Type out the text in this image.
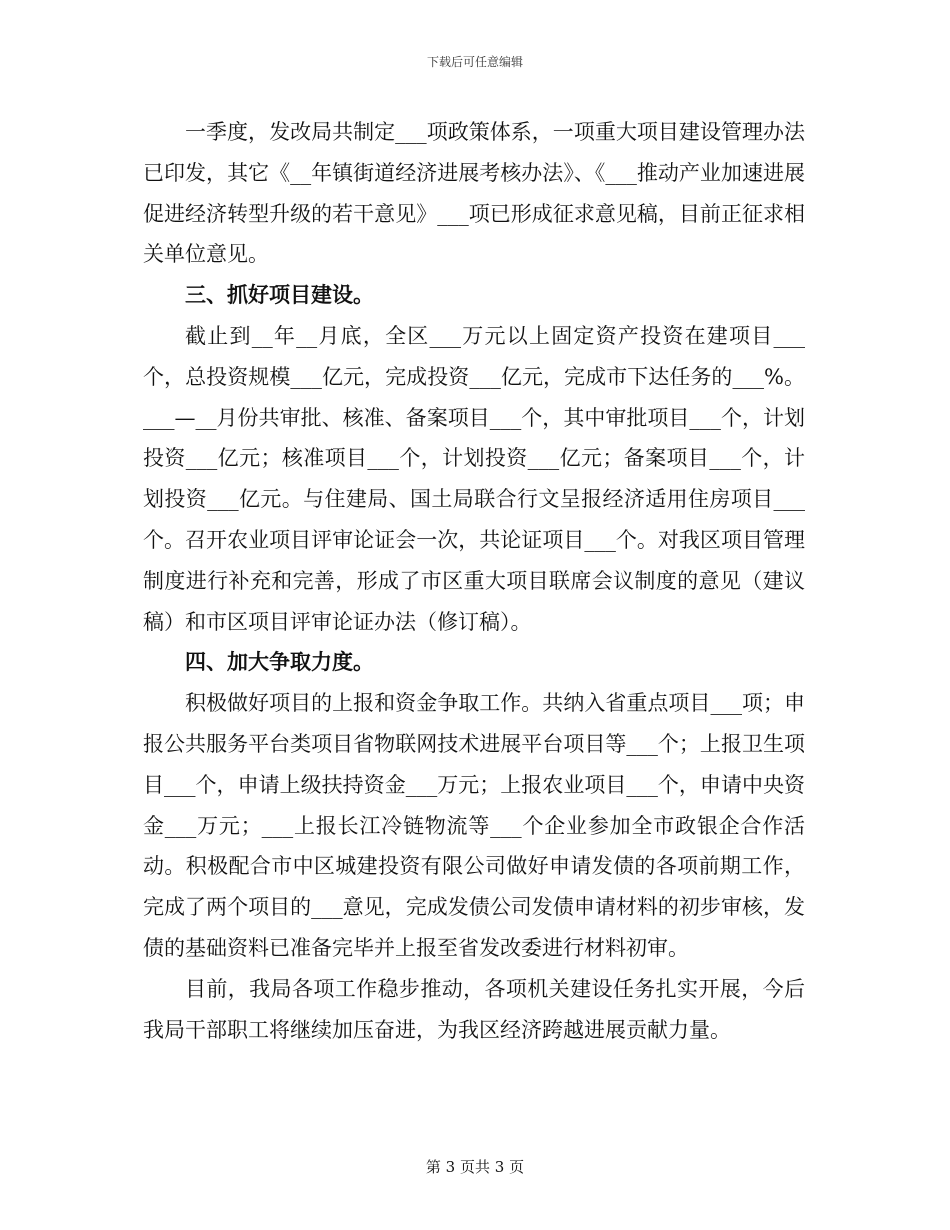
下载后可任意编辑

一季度，发改局共制定___项政策体系，一项重大项目建设管理办法已印发，其它《__年镇街道经济进展考核办法》、《___推动产业加速进展促进经济转型升级的若干意见》___项已形成征求意见稿，目前正征求相关单位意见。

三、抓好项目建设。

截止到__年__月底，全区___万元以上固定资产投资在建项目___个，总投资规模___亿元，完成投资___亿元，完成市下达任务的___%。___—__月份共审批、核准、备案项目___个，其中审批项目___个，计划投资___亿元；核准项目___个，计划投资___亿元；备案项目___个，计划投资___亿元。与住建局、国土局联合行文呈报经济适用住房项目___个。召开农业项目评审论证会一次，共论证项目___个。对我区项目管理制度进行补充和完善，形成了市区重大项目联席会议制度的意见（建议稿）和市区项目评审论证办法（修订稿）。

四、加大争取力度。

积极做好项目的上报和资金争取工作。共纳入省重点项目___项；申报公共服务平台类项目省物联网技术进展平台项目等___个；上报卫生项目___个，申请上级扶持资金___万元；上报农业项目___个，申请中央资金___万元；___上报长江冷链物流等___个企业参加全市政银企合作活动。积极配合市中区城建投资有限公司做好申请发债的各项前期工作，完成了两个项目的___意见，完成发债公司发债申请材料的初步审核，发债的基础资料已准备完毕并上报至省发改委进行材料初审。

目前，我局各项工作稳步推动，各项机关建设任务扎实开展，今后我局干部职工将继续加压奋进，为我区经济跨越进展贡献力量。

第 3 页共 3 页
